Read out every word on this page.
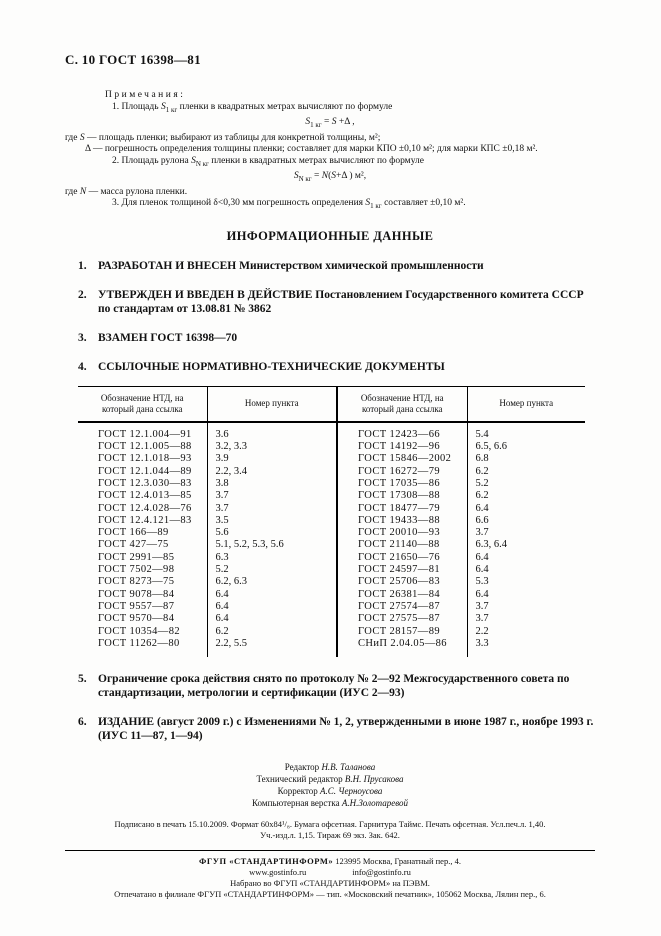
С. 10 ГОСТ 16398—81
Примечания:
1. Площадь $S_{1 кг}$ пленки в квадратных метрах вычисляют по формуле
$S_{1 кг} = S +\Delta$ ,
где S — площадь пленки; выбирают из таблицы для конкретной толщины, м²;
Δ — погрешность определения толщины пленки; составляет для марки КПО ±0,10 м²; для марки КПС ±0,18 м².
2. Площадь рулона $S_{N кг}$ пленки в квадратных метрах вычисляют по формуле
$S_{N кг} = N(S+\Delta$ ) м²,
где N — масса рулона пленки.
3. Для пленок толщиной δ<0,30 мм погрешность определения $S_{1 кг}$ составляет ±0,10 м².
ИНФОРМАЦИОННЫЕ ДАННЫЕ
1. РАЗРАБОТАН И ВНЕСЕН Министерством химической промышленности
2. УТВЕРЖДЕН И ВВЕДЕН В ДЕЙСТВИЕ Постановлением Государственного комитета СССР по стандартам от 13.08.81 № 3862
3. ВЗАМЕН ГОСТ 16398—70
4. ССЫЛОЧНЫЕ НОРМАТИВНО-ТЕХНИЧЕСКИЕ ДОКУМЕНТЫ
Обозначение НТД, на который дана ссылка	Номер пункта	Обозначение НТД, на который дана ссылка	Номер пункта
ГОСТ 12.1.004—91	3.6	ГОСТ 12423—66	5.4
ГОСТ 12.1.005—88	3.2, 3.3	ГОСТ 14192—96	6.5, 6.6
ГОСТ 12.1.018—93	3.9	ГОСТ 15846—2002	6.8
ГОСТ 12.1.044—89	2.2, 3.4	ГОСТ 16272—79	6.2
ГОСТ 12.3.030—83	3.8	ГОСТ 17035—86	5.2
ГОСТ 12.4.013—85	3.7	ГОСТ 17308—88	6.2
ГОСТ 12.4.028—76	3.7	ГОСТ 18477—79	6.4
ГОСТ 12.4.121—83	3.5	ГОСТ 19433—88	6.6
ГОСТ 166—89	5.6	ГОСТ 20010—93	3.7
ГОСТ 427—75	5.1, 5.2, 5.3, 5.6	ГОСТ 21140—88	6.3, 6.4
ГОСТ 2991—85	6.3	ГОСТ 21650—76	6.4
ГОСТ 7502—98	5.2	ГОСТ 24597—81	6.4
ГОСТ 8273—75	6.2, 6.3	ГОСТ 25706—83	5.3
ГОСТ 9078—84	6.4	ГОСТ 26381—84	6.4
ГОСТ 9557—87	6.4	ГОСТ 27574—87	3.7
ГОСТ 9570—84	6.4	ГОСТ 27575—87	3.7
ГОСТ 10354—82	6.2	ГОСТ 28157—89	2.2
ГОСТ 11262—80	2.2, 5.5	СНиП 2.04.05—86	3.3
5. Ограничение срока действия снято по протоколу № 2—92 Межгосударственного совета по стандартизации, метрологии и сертификации (ИУС 2—93)
6. ИЗДАНИЕ (август 2009 г.) с Изменениями № 1, 2, утвержденными в июне 1987 г., ноябре 1993 г. (ИУС 11—87, 1—94)
Редактор Н.В. Таланова
Технический редактор В.Н. Прусакова
Корректор А.С. Черноусова
Компьютерная верстка А.Н.Золотаревой
Подписано в печать 15.10.2009. Формат 60х84¹/₈. Бумага офсетная. Гарнитура Таймс. Печать офсетная. Усл.печ.л. 1,40.
Уч.-изд.л. 1,15. Тираж 69 экз. Зак. 642.
ФГУП «СТАНДАРТИНФОРМ» 123995 Москва, Гранатный пер., 4.
www.gostinfo.ru	info@gostinfo.ru
Набрано во ФГУП «СТАНДАРТИНФОРМ» на ПЭВМ.
Отпечатано в филиале ФГУП «СТАНДАРТИНФОРМ» — тип. «Московский печатник», 105062 Москва, Лялин пер., 6.
